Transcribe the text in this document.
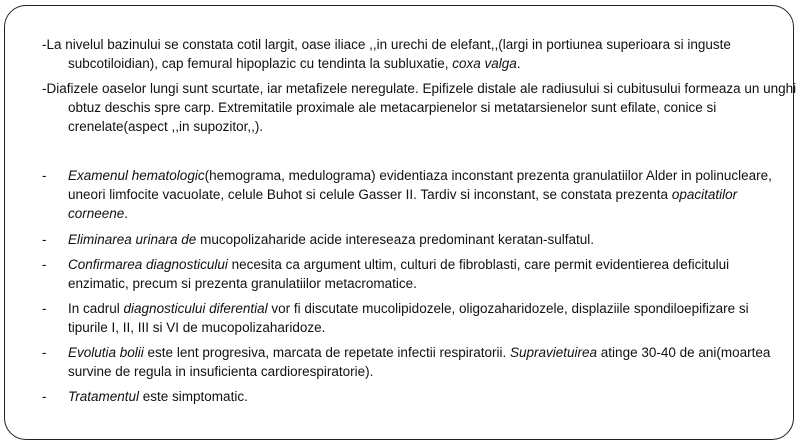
-La nivelul bazinului se constata cotil largit, oase iliace ,,in urechi de elefant,,(largi in portiunea superioara si inguste subcotiloidian), cap femural hipoplazic cu tendinta la subluxatie, coxa valga.

-Diafizele oaselor lungi sunt scurtate, iar metafizele neregulate. Epifizele distale ale radiusului si cubitusului formeaza un unghi obtuz deschis spre carp. Extremitatile proximale ale metacarpienelor si metatarsienelor sunt efilate, conice si crenelate(aspect ,,in supozitor,,).

- Examenul hematologic(hemograma, medulograma) evidentiaza inconstant prezenta granulatiilor Alder in polinucleare, uneori limfocite vacuolate, celule Buhot si celule Gasser II. Tardiv si inconstant, se constata prezenta opacitatilor corneene.
- Eliminarea urinara de mucopolizaharide acide intereseaza predominant keratan-sulfatul.
- Confirmarea diagnosticului necesita ca argument ultim, culturi de fibroblasti, care permit evidentierea deficitului enzimatic, precum si prezenta granulatiilor metacromatice.
- In cadrul diagnosticului diferential vor fi discutate mucolipidozele, oligozaharidozele, displaziile spondiloepifizare si tipurile I, II, III si VI de mucopolizaharidoze.
- Evolutia bolii este lent progresiva, marcata de repetate infectii respiratorii. Supravietuirea atinge 30-40 de ani(moartea survine de regula in insuficienta cardiorespiratorie).
- Tratamentul este simptomatic.
